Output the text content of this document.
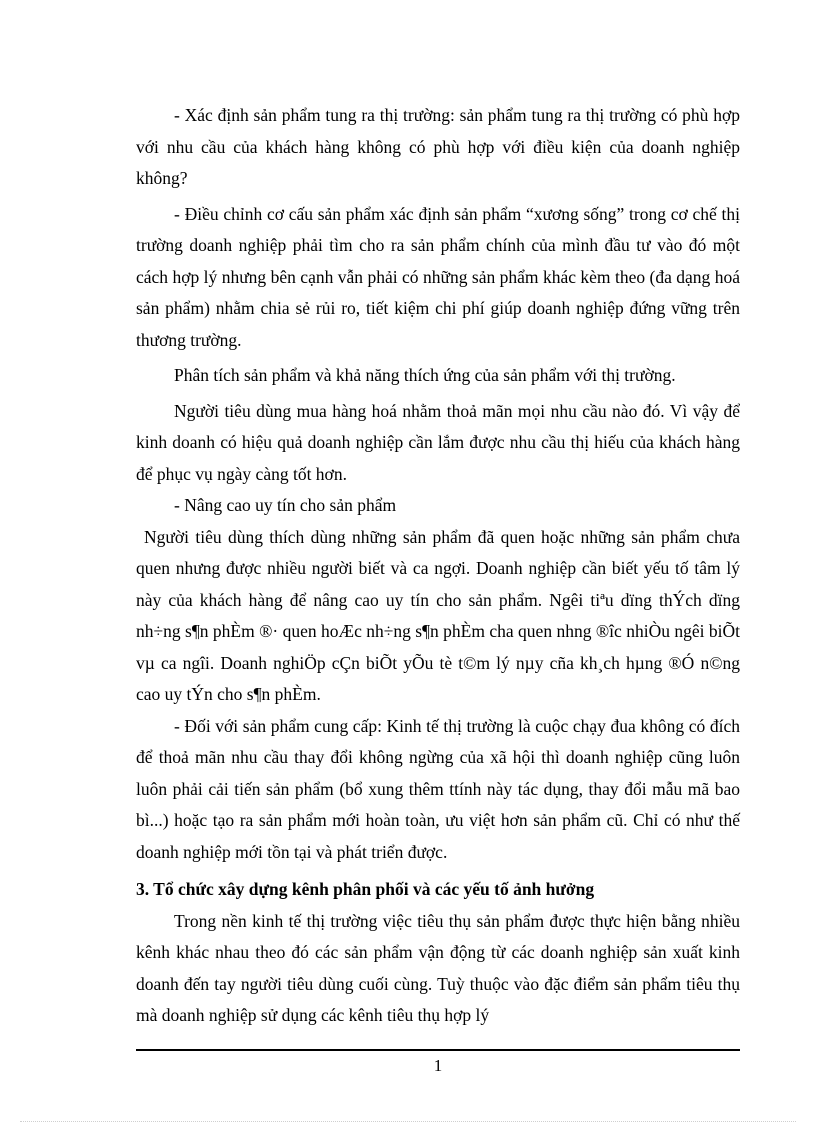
- Xác định sản phẩm tung ra thị trường: sản phẩm tung ra thị trường có phù hợp với nhu cầu của khách hàng không có phù hợp với điều kiện của doanh nghiệp không?

- Điều chỉnh cơ cấu sản phẩm xác định sản phẩm “xương sống” trong cơ chế thị trường doanh nghiệp phải tìm cho ra sản phẩm chính của mình đầu tư vào đó một cách hợp lý nhưng bên cạnh vẫn phải có những sản phẩm khác kèm theo (đa dạng hoá sản phẩm) nhằm chia sẻ rủi ro, tiết kiệm chi phí giúp doanh nghiệp đứng vững trên thương trường.

Phân tích sản phẩm và khả năng thích ứng của sản phẩm với thị trường.

Người tiêu dùng mua hàng hoá nhằm thoả mãn mọi nhu cầu nào đó. Vì vậy để kinh doanh có hiệu quả doanh nghiệp cần lắm được nhu cầu thị hiếu của khách hàng để phục vụ ngày càng tốt hơn.

- Nâng cao uy tín cho sản phẩm

Người tiêu dùng thích dùng những sản phẩm đã quen hoặc những sản phẩm chưa quen nhưng được nhiều người biết và ca ngợi. Doanh nghiệp cần biết yếu tố tâm lý này của khách hàng để nâng cao uy tín cho sản phẩm. Ngêi tiªu dïng thÝch dïng nh÷ng s¶n phÈm ®· quen hoÆc nh÷ng s¶n phÈm cha quen nhng ®îc nhiÒu ngêi biÕt vµ ca ngîi. Doanh nghiÖp cÇn biÕt yÕu tè t©m lý nµy cña kh¸ch hµng ®Ó n©ng cao uy tÝn cho s¶n phÈm.

- Đối với sản phẩm cung cấp: Kinh tế thị trường là cuộc chạy đua không có đích để thoả mãn nhu cầu thay đổi không ngừng của xã hội thì doanh nghiệp cũng luôn luôn phải cải tiến sản phẩm (bổ xung thêm ttính này tác dụng, thay đổi mẫu mã bao bì...) hoặc tạo ra sản phẩm mới hoàn toàn, ưu việt hơn sản phẩm cũ. Chỉ có như thế doanh nghiệp mới tồn tại và phát triển được.

3. Tổ chức xây dựng kênh phân phối và các yếu tố ảnh hưởng

Trong nền kinh tế thị trường việc tiêu thụ sản phẩm được thực hiện bằng nhiều kênh khác nhau theo đó các sản phẩm vận động từ các doanh nghiệp sản xuất kinh doanh đến tay người tiêu dùng cuối cùng. Tuỳ thuộc vào đặc điểm sản phẩm tiêu thụ mà doanh nghiệp sử dụng các kênh tiêu thụ hợp lý

1
